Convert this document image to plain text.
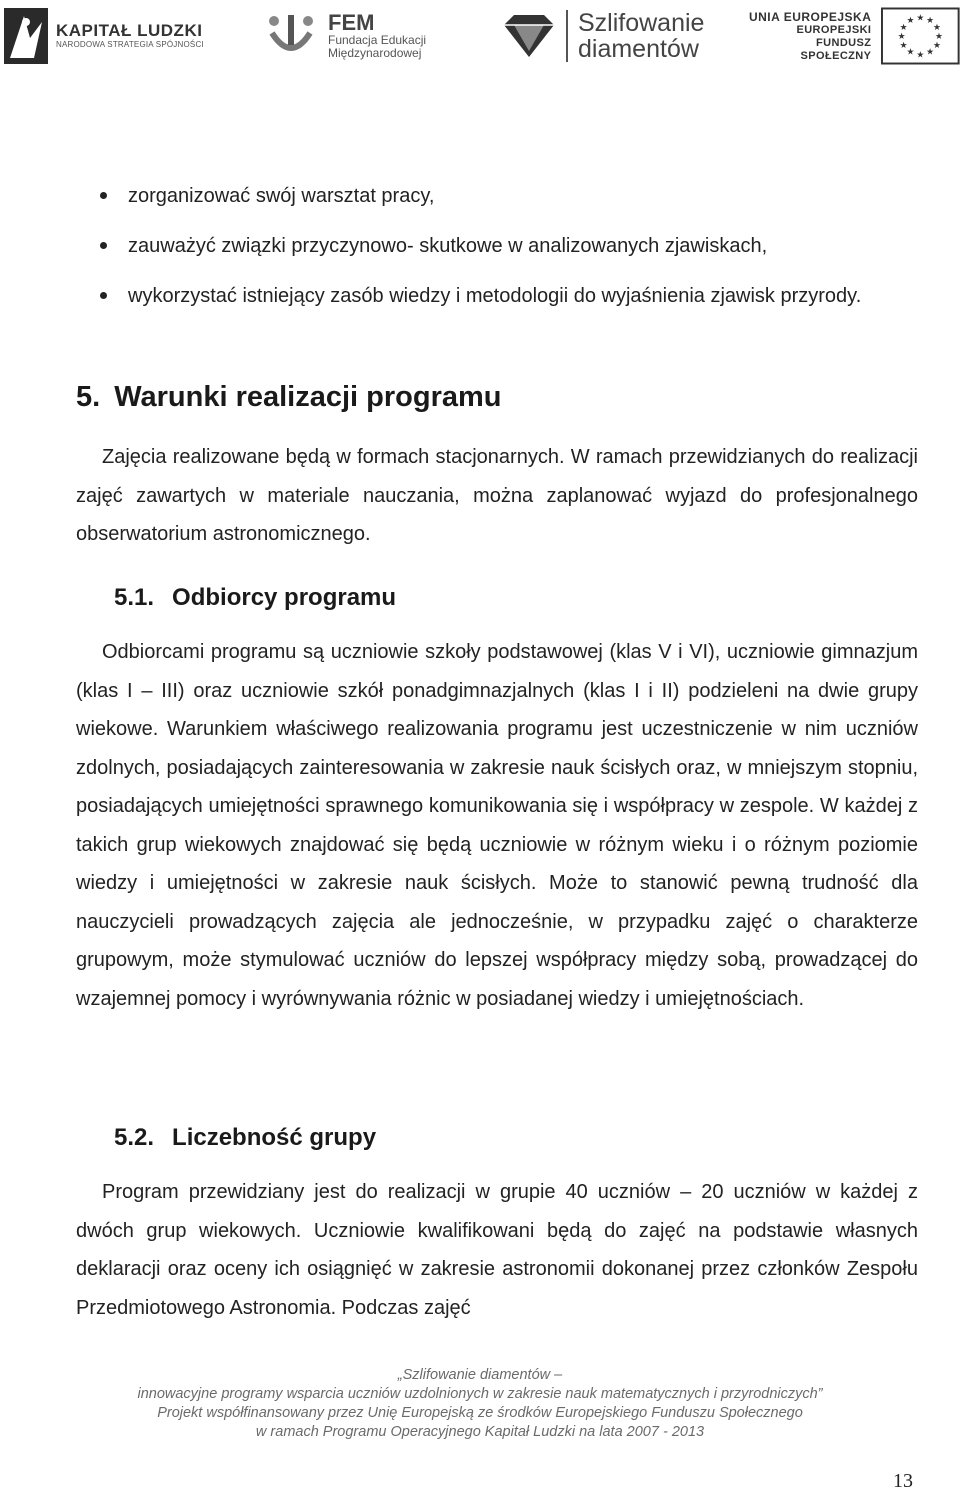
KAPITAŁ LUDZKI
NARODOWA STRATEGIA SPÓJNOŚCI
FEM
Fundacja Edukacji
Międzynarodowej
Szlifowanie
diamentów
UNIA EUROPEJSKA
EUROPEJSKI
FUNDUSZ SPOŁECZNY
★ ★
★
★
★
★
★
★
★
★
★
★
zorganizować swój warsztat pracy,
zauważyć związki przyczynowo- skutkowe w analizowanych zjawiskach,
wykorzystać istniejący zasób wiedzy i metodologii do wyjaśnienia zjawisk przyrody.
5. Warunki realizacji programu
Zajęcia realizowane będą w formach stacjonarnych. W ramach przewidzianych do realizacji zajęć zawartych w materiale nauczania, można zaplanować wyjazd do profesjonalnego obserwatorium astronomicznego.
5.1. Odbiorcy programu
Odbiorcami programu są uczniowie szkoły podstawowej (klas V i VI), uczniowie gimnazjum (klas I – III) oraz uczniowie szkół ponadgimnazjalnych (klas I i II) podzieleni na dwie grupy wiekowe. Warunkiem właściwego realizowania programu jest uczestniczenie w nim uczniów zdolnych, posiadających zainteresowania w zakresie nauk ścisłych oraz, w mniejszym stopniu, posiadających umiejętności sprawnego komunikowania się i współpracy w zespole. W każdej z takich grup wiekowych znajdować się będą uczniowie w różnym wieku i o różnym poziomie wiedzy i umiejętności w zakresie nauk ścisłych. Może to stanowić pewną trudność dla nauczycieli prowadzących zajęcia ale jednocześnie, w przypadku zajęć o charakterze grupowym, może stymulować uczniów do lepszej współpracy między sobą, prowadzącej do wzajemnej pomocy i wyrównywania różnic w posiadanej wiedzy i umiejętnościach.
5.2. Liczebność grupy
Program przewidziany jest do realizacji w grupie 40 uczniów – 20 uczniów w każdej z dwóch grup wiekowych. Uczniowie kwalifikowani będą do zajęć na podstawie własnych deklaracji oraz oceny ich osiągnięć w zakresie astronomii dokonanej przez członków Zespołu Przedmiotowego Astronomia. Podczas zajęć
„Szlifowanie diamentów –
innowacyjne programy wsparcia uczniów uzdolnionych w zakresie nauk matematycznych i przyrodniczych”
Projekt współfinansowany przez Unię Europejską ze środków Europejskiego Funduszu Społecznego
w ramach Programu Operacyjnego Kapitał Ludzki na lata 2007 - 2013
13
